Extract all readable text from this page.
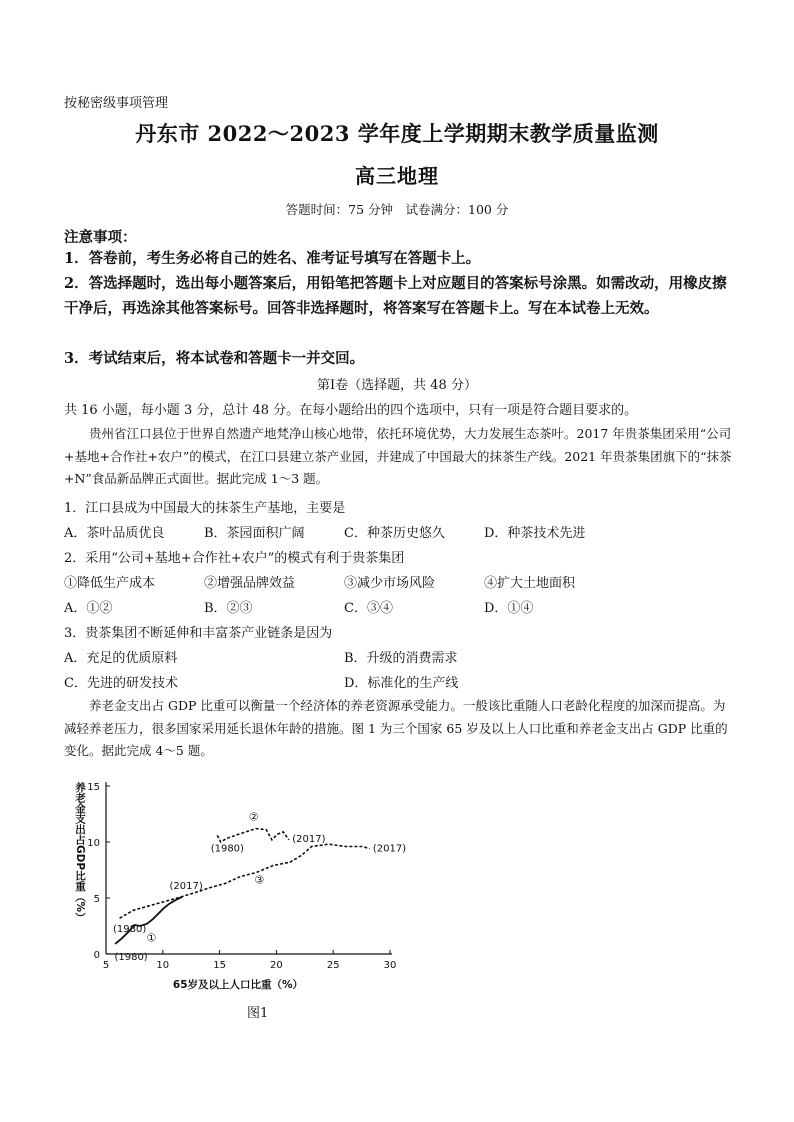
按秘密级事项管理
丹东市 2022～2023 学年度上学期期末教学质量监测
高三地理
答题时间：75 分钟　试卷满分：100 分
注意事项：
1．答卷前，考生务必将自己的姓名、准考证号填写在答题卡上。
2．答选择题时，选出每小题答案后，用铅笔把答题卡上对应题目的答案标号涂黑。如需改动，用橡皮擦干净后，再选涂其他答案标号。回答非选择题时，将答案写在答题卡上。写在本试卷上无效。
3．考试结束后，将本试卷和答题卡一并交回。
第Ⅰ卷（选择题，共 48 分）
共 16 小题，每小题 3 分，总计 48 分。在每小题给出的四个选项中，只有一项是符合题目要求的。
贵州省江口县位于世界自然遗产地梵净山核心地带，依托环境优势，大力发展生态茶叶。2017 年贵茶集团采用“公司+基地+合作社+农户”的模式，在江口县建立茶产业园，并建成了中国最大的抹茶生产线。2021 年贵茶集团旗下的“抹茶+N”食品新品牌正式面世。据此完成 1～3 题。
1．江口县成为中国最大的抹茶生产基地，主要是
A．茶叶品质优良	B．茶园面积广阔	C．种茶历史悠久	D．种茶技术先进
2．采用“公司+基地+合作社+农户”的模式有利于贵茶集团
①降低生产成本	②增强品牌效益	③减少市场风险	④扩大土地面积
A．①②	B．②③	C．③④	D．①④
3．贵茶集团不断延伸和丰富茶产业链条是因为
A．充足的优质原料	B．升级的消费需求
C．先进的研发技术	D．标准化的生产线
养老金支出占 GDP 比重可以衡量一个经济体的养老资源承受能力。一般该比重随人口老龄化程度的加深而提高。为减轻养老压力，很多国家采用延长退休年龄的措施。图 1 为三个国家 65 岁及以上人口比重和养老金支出占 GDP 比重的变化。据此完成 4～5 题。
5	10	15	20	25	30
0
5
10
15
65岁及以上人口比重（%）
养老金支出占GDP比重（%）
(1980)
(2017)
①
(1980)
(2017)
②
(1980)
(2017)
③
图1
